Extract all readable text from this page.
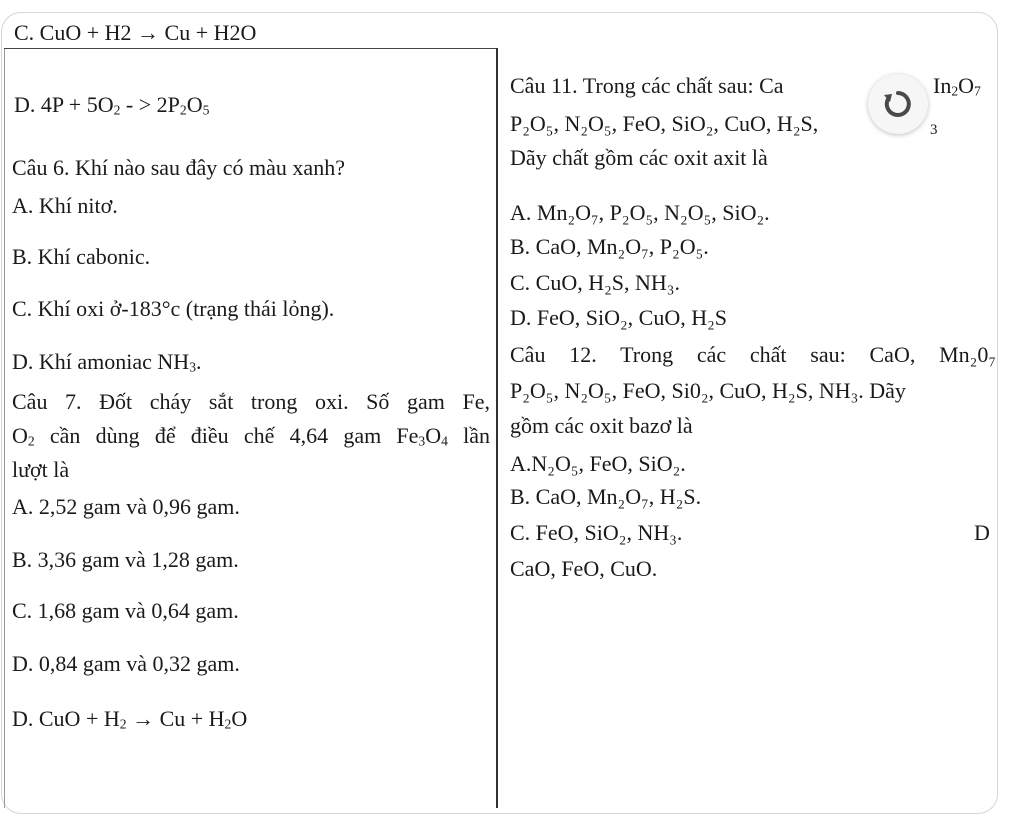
C. CuO + H2 → Cu + H2O
D. $4P + 5O_2$ - > $2P_2O_5$
Câu 6. Khí nào sau đây có màu xanh?
A. Khí nitơ.
B. Khí cabonic.
C. Khí oxi ở-183°c (trạng thái lỏng).
D. Khí amoniac $NH_3$.
Câu 7. Đốt cháy sắt trong oxi. Số gam Fe,
$O_2$ cần dùng để điều chế 4,64 gam $Fe_3O_4$ lần
lượt là
A. 2,52 gam và 0,96 gam.
B. 3,36 gam và 1,28 gam.
C. 1,68 gam và 0,64 gam.
D. 0,84 gam và 0,32 gam.
D. CuO + $H_2 \to Cu + H_2O$
Câu 11. Trong các chất sau: Ca	$In_2O_7$
P₂O₅, N₂O₅, FeO, SiO₂, CuO, H₂S,	3
Dãy chất gồm các oxit axit là
A. Mn₂O₇, P₂O₅, N₂O₅, SiO₂.
B. CaO, Mn₂O₇, P₂O₅.
C. CuO, H₂S, NH₃.
D. FeO, SiO₂, CuO, H₂S
Câu 12. Trong các chất sau: CaO, Mn₂0₇
P₂O₅, N₂O₅, FeO, Si0₂, CuO, H₂S, NH₃. Dãy
gồm các oxit bazơ là
A.N₂O₅, FeO, SiO₂.
B. CaO, Mn₂O₇, H₂S.
C. FeO, SiO₂, NH₃.	D
CaO, FeO, CuO.
